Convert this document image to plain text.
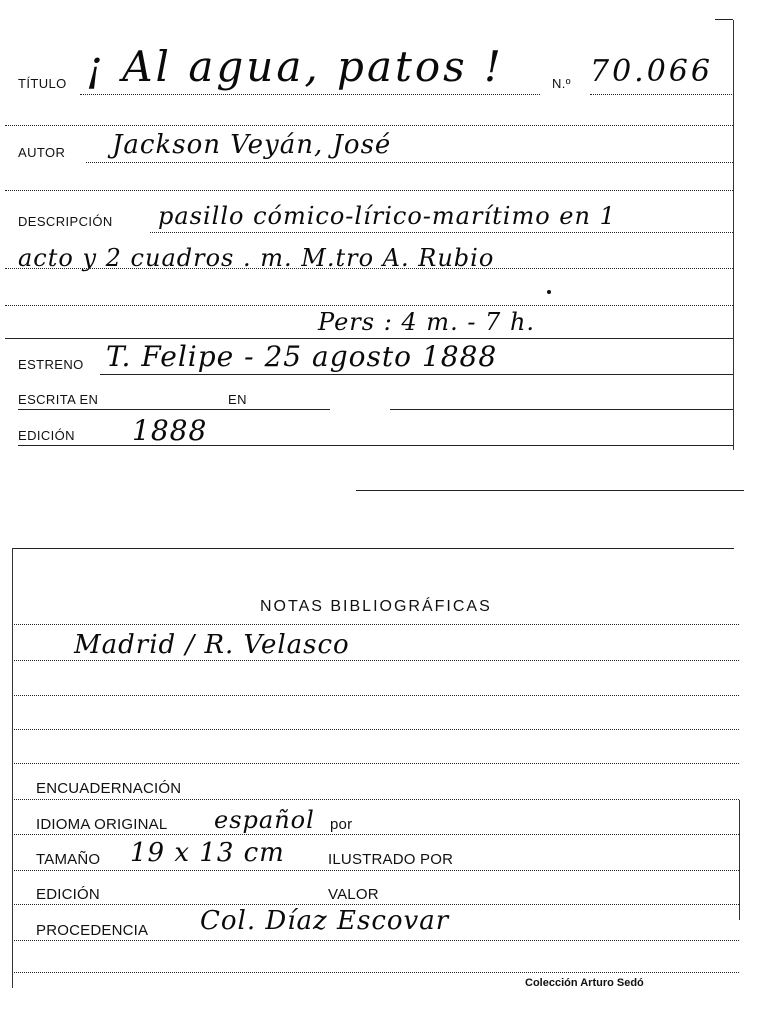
TÍTULO ¡ Al agua, patos !	N.º 70.066
AUTOR Jackson Veyán, José
DESCRIPCIÓN pasillo cómico-lírico-marítimo en 1
acto y 2 cuadros . m. M.tro A. Rubio
Pers : 4 m. - 7 h.
ESTRENO T. Felipe - 25 agosto 1888
ESCRITA EN	EN
EDICIÓN 1888
NOTAS BIBLIOGRÁFICAS
Madrid / R. Velasco
ENCUADERNACIÓN
IDIOMA ORIGINAL español por
TAMAÑO 19 x 13 cm	ILUSTRADO POR
EDICIÓN	VALOR
PROCEDENCIA Col. Díaz Escovar
Colección Arturo Sedó
